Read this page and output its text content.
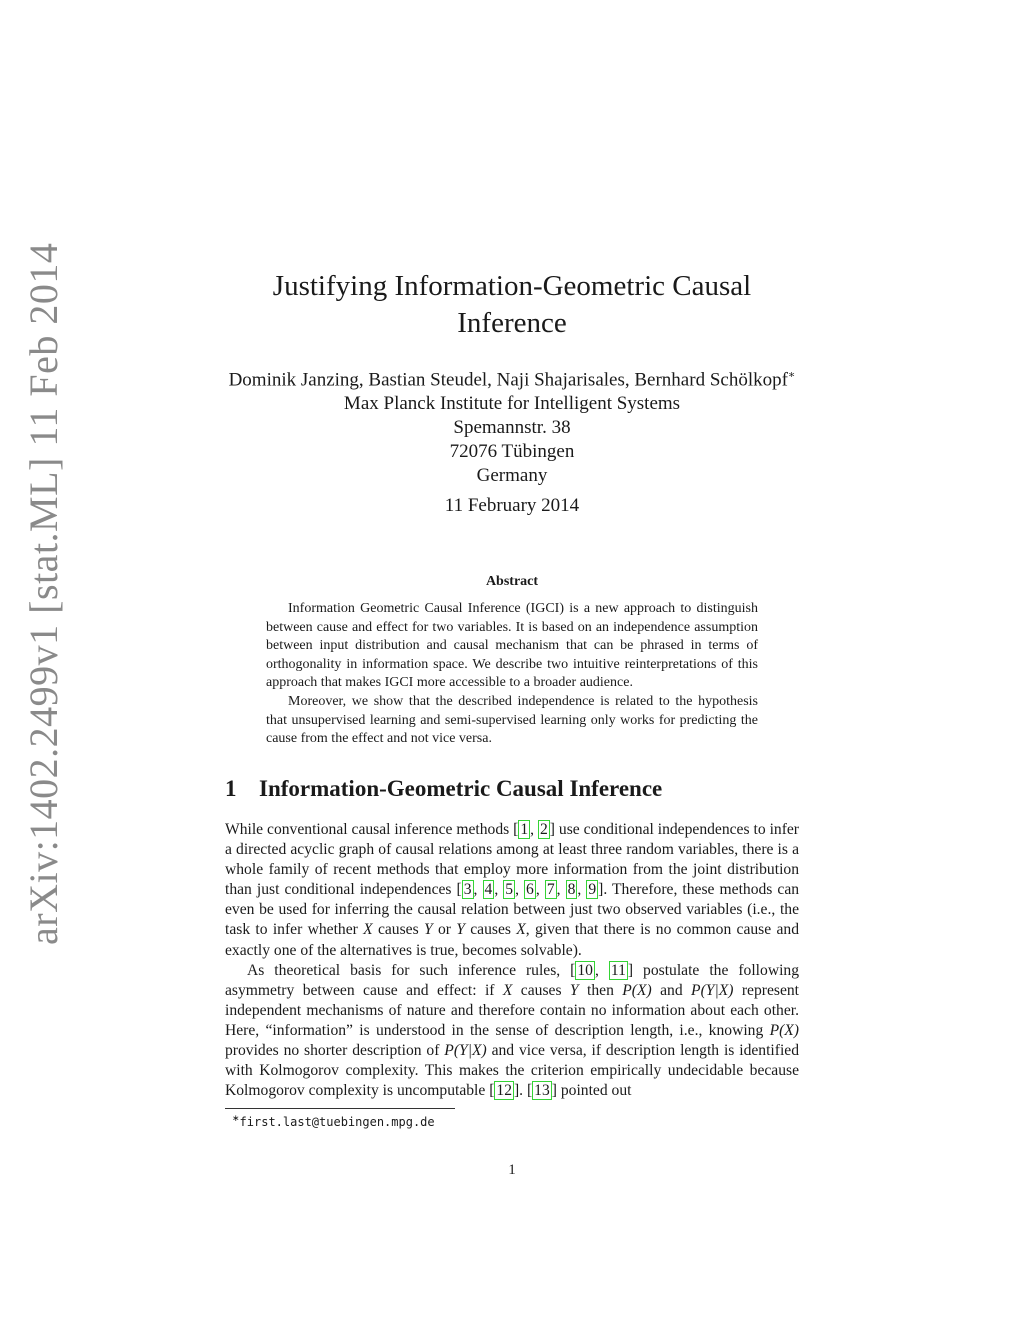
arXiv:1402.2499v1 [stat.ML] 11 Feb 2014	Justifying Information-Geometric Causal
Inference
Dominik Janzing, Bastian Steudel, Naji Shajarisales, Bernhard Schölkopf∗
Max Planck Institute for Intelligent Systems
Spemannstr. 38
72076 Tübingen
Germany
11 February 2014
Abstract

Information Geometric Causal Inference (IGCI) is a new approach to distinguish between cause and effect for two variables. It is based on an independence assumption between input distribution and causal mechanism that can be phrased in terms of orthogonality in information space. We describe two intuitive reinterpretations of this approach that makes IGCI more accessible to a broader audience.

Moreover, we show that the described independence is related to the hypothesis that unsupervised learning and semi-supervised learning only works for predicting the cause from the effect and not vice versa.

1 Information-Geometric Causal Inference

While conventional causal inference methods [ 1 , 2 ] use conditional independences to infer a directed acyclic graph of causal relations among at least three random variables, there is a whole family of recent methods that employ more information from the joint distribution than just conditional independences [ 3 , 4 , 5 , 6 , 7 , 8 , 9 ]. Therefore, these methods can even be used for inferring the causal relation between just two observed variables (i.e., the task to infer whether X causes Y or Y causes X, given that there is no common cause and exactly one of the alternatives is true, becomes solvable).

As theoretical basis for such inference rules, [ 10 , 11 ] postulate the following asymmetry between cause and effect: if X causes Y then P(X) and P(Y|X) represent independent mechanisms of nature and therefore contain no information about each other. Here, “information” is understood in the sense of description length, i.e., knowing P(X) provides no shorter description of P(Y|X) and vice versa, if description length is identified with Kolmogorov complexity. This makes the criterion empirically undecidable because Kolmogorov complexity is uncomputable [ 12 ]. [ 13 ] pointed out

∗first.last@tuebingen.mpg.de
1
